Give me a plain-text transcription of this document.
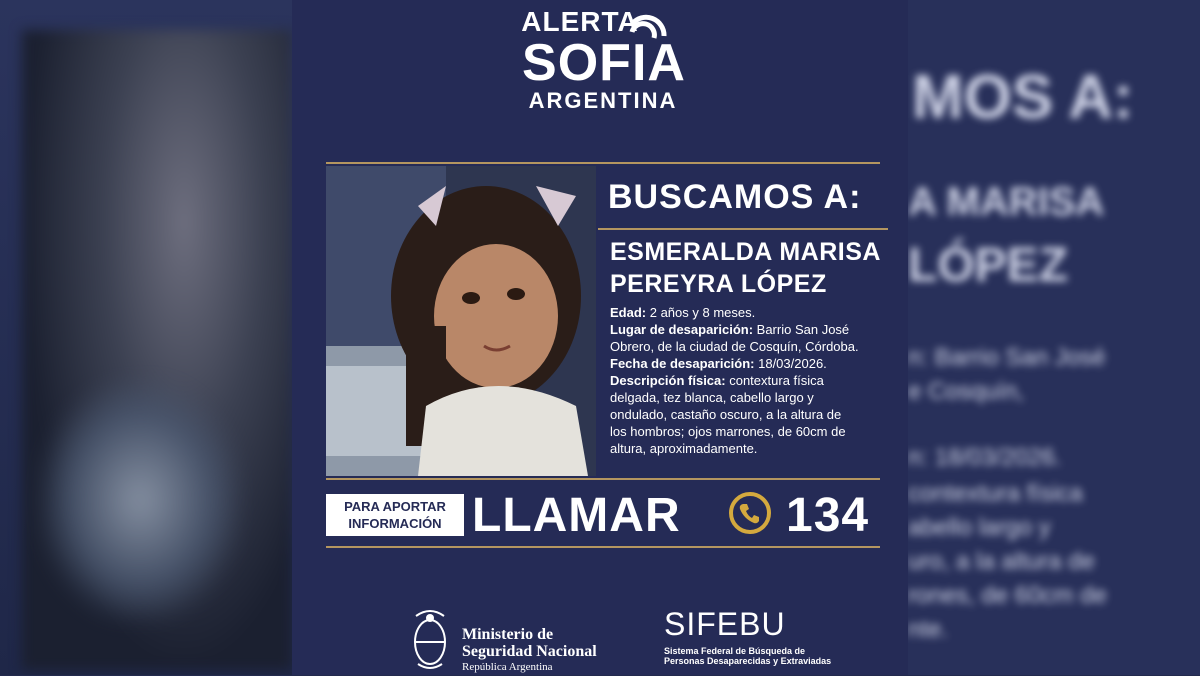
MOS A:
A MARISA
LÓPEZ
n: Barrio San José
e Cosquín,
n: 18/03/2026.
contextura física
abello largo y
uro, a la altura de
rones, de 60cm de
nte.
ALERTA
SOFIA
ARGENTINA
BUSCAMOS A:
ESMERALDA MARISA
PEREYRA LÓPEZ
Edad: 2 años y 8 meses.
Lugar de desaparición: Barrio San José Obrero, de la ciudad de Cosquín, Córdoba.
Fecha de desaparición: 18/03/2026.
Descripción física: contextura física delgada, tez blanca, cabello largo y ondulado, castaño oscuro, a la altura de los hombros; ojos marrones, de 60cm de altura, aproximadamente.
PARA APORTAR
INFORMACIÓN LLAMAR 134
Ministerio de
Seguridad Nacional
República Argentina
SIFEBU
Sistema Federal de Búsqueda de Personas Desaparecidas y Extraviadas
